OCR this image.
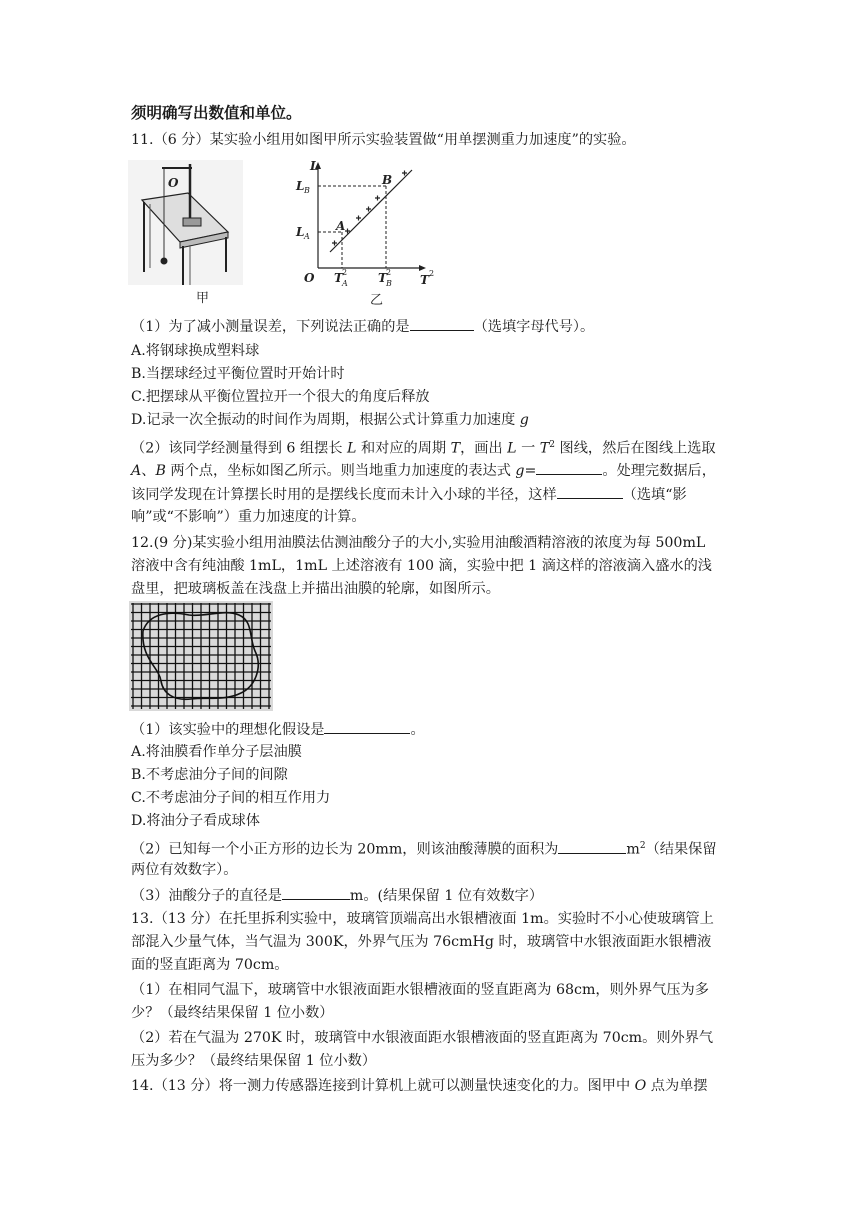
须明确写出数值和单位。
11.（6 分）某实验小组用如图甲所示实验装置做“用单摆测重力加速度”的实验。
O
甲
L
T 2
O
L B
L A
A
B
T 2
A	T 2
B
乙
（1）为了减小测量误差，下列说法正确的是	（选填字母代号）。
A.将钢球换成塑料球
B.当摆球经过平衡位置时开始计时
C.把摆球从平衡位置拉开一个很大的角度后释放
D.记录一次全振动的时间作为周期，根据公式计算重力加速度 g
（2）该同学经测量得到 6 组摆长 L 和对应的周期 T，画出 L 一 $T^2$ 图线，然后在图线上选取
A、B 两个点，坐标如图乙所示。则当地重力加速度的表达式 g=	。处理完数据后，
该同学发现在计算摆长时用的是摆线长度而未计入小球的半径，这样	（选填“影
响”或“不影响”）重力加速度的计算。
12.(9 分)某实验小组用油膜法估测油酸分子的大小,实验用油酸酒精溶液的浓度为每 500mL
溶液中含有纯油酸 1mL，1mL 上述溶液有 100 滴，实验中把 1 滴这样的溶液滴入盛水的浅
盘里，把玻璃板盖在浅盘上并描出油膜的轮廓，如图所示。
（1）该实验中的理想化假设是	。
A.将油膜看作单分子层油膜
B.不考虑油分子间的间隙
C.不考虑油分子间的相互作用力
D.将油分子看成球体
（2）已知每一个小正方形的边长为 20mm，则该油酸薄膜的面积为	$m^2$（结果保留
两位有效数字）。
（3）油酸分子的直径是	m。(结果保留 1 位有效数字）
13.（13 分）在托里拆利实验中，玻璃管顶端高出水银槽液面 1m。实验时不小心使玻璃管上
部混入少量气体，当气温为 300K，外界气压为 76cmHg 时，玻璃管中水银液面距水银槽液
面的竖直距离为 70cm。
（1）在相同气温下，玻璃管中水银液面距水银槽液面的竖直距离为 68cm，则外界气压为多
少？（最终结果保留 1 位小数）
（2）若在气温为 270K 时，玻璃管中水银液面距水银槽液面的竖直距离为 70cm。则外界气
压为多少？（最终结果保留 1 位小数）
14.（13 分）将一测力传感器连接到计算机上就可以测量快速变化的力。图甲中 O 点为单摆
